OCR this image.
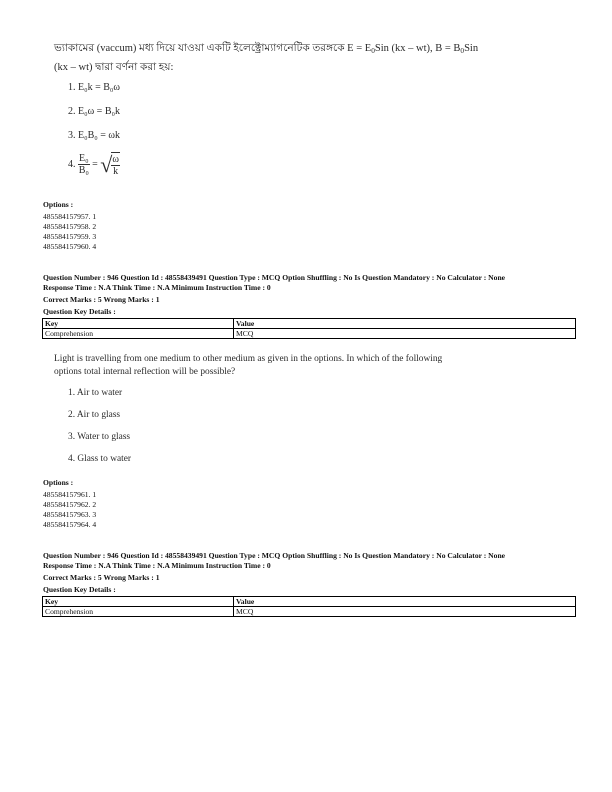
ভ্যাকামের (vaccum) মধ্য দিয়ে যাওয়া একটি ইলেক্ট্রোম্যাগনেটিক তরঙ্গকে $E = E_0Sin$ (kx – wt), $B = B_0Sin$
(kx – wt) দ্বারা বর্ণনা করা হয়:
1. E₀k = B₀ω
2. E₀ω = B₀k
3. E₀B₀ = ωk
4. $\frac{\text{E₀}}{\text{B₀}}$ = √ $\frac{\omega}{k}$
Options :
485584157957. 1
485584157958. 2
485584157959. 3
485584157960. 4
Question Number : 946 Question Id : 48558439491 Question Type : MCQ Option Shuffling : No Is Question Mandatory : No Calculator : None
Response Time : N.A Think Time : N.A Minimum Instruction Time : 0
Correct Marks : 5 Wrong Marks : 1
Question Key Details :
Key	Value
Comprehension	MCQ
Light is travelling from one medium to other medium as given in the options. In which of the following
options total internal reflection will be possible?
1. Air to water
2. Air to glass
3. Water to glass
4. Glass to water
Options :
485584157961. 1
485584157962. 2
485584157963. 3
485584157964. 4
Question Number : 946 Question Id : 48558439491 Question Type : MCQ Option Shuffling : No Is Question Mandatory : No Calculator : None
Response Time : N.A Think Time : N.A Minimum Instruction Time : 0
Correct Marks : 5 Wrong Marks : 1
Question Key Details :
Key	Value
Comprehension	MCQ
